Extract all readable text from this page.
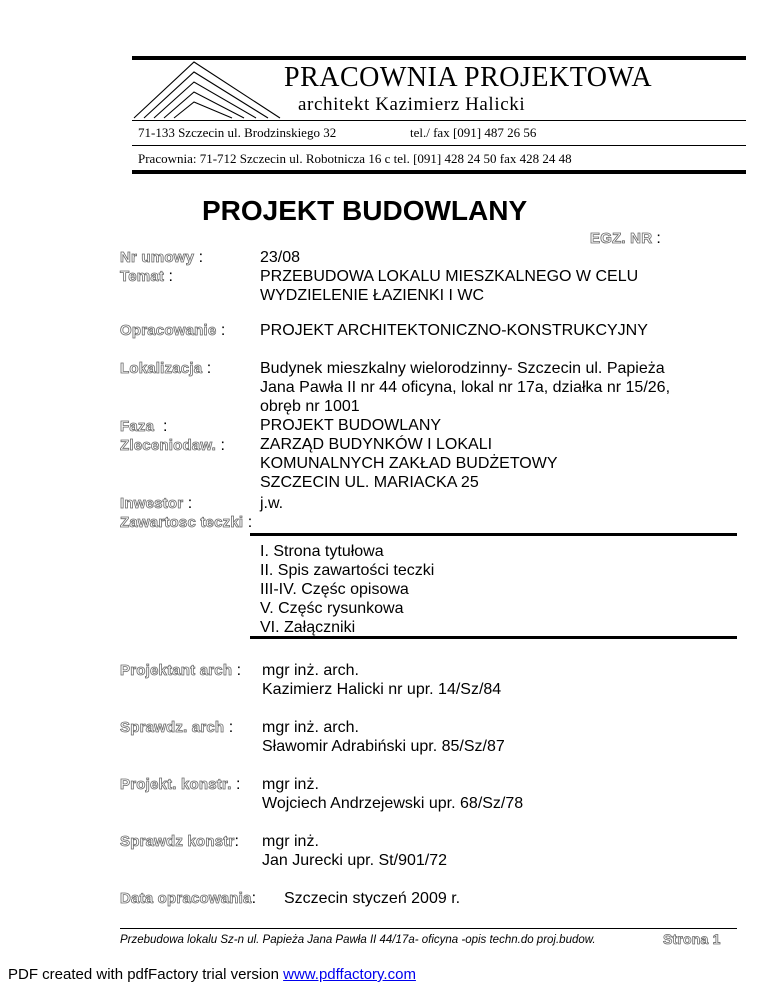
PRACOWNIA PROJEKTOWA
architekt Kazimierz Halicki
71-133 Szczecin ul. Brodzinskiego 32	tel./ fax [091] 487 26 56
Pracownia: 71-712 Szczecin ul. Robotnicza 16 c tel. [091] 428 24 50 fax 428 24 48
PROJEKT BUDOWLANY
EGZ. NR :
Nr umowy :	23/08
Temat :	PRZEBUDOWA LOKALU MIESZKALNEGO W CELU
WYDZIELENIE ŁAZIENKI I WC
Opracowanie : PROJEKT ARCHITEKTONICZNO-KONSTRUKCYJNY
Lokalizacja :	Budynek mieszkalny wielorodzinny- Szczecin ul. Papieża
Jana Pawła II nr 44 oficyna, lokal nr 17a, działka nr 15/26,
obręb nr 1001
Faza :	PROJEKT BUDOWLANY
Zleceniodaw. : ZARZĄD BUDYNKÓW I LOKALI
KOMUNALNYCH ZAKŁAD BUDŻETOWY
SZCZECIN UL. MARIACKA 25
Inwestor :	j.w.
Zawartosc teczki :
I. Strona tytułowa
II. Spis zawartości teczki
III-IV. Częśc opisowa
V. Częśc rysunkowa
VI. Załączniki
Projektant arch : mgr inż. arch.
Kazimierz Halicki nr upr. 14/Sz/84
Sprawdz. arch : mgr inż. arch.
Sławomir Adrabiński upr. 85/Sz/87
Projekt. konstr. : mgr inż.
Wojciech Andrzejewski upr. 68/Sz/78
Sprawdz konstr: mgr inż.
Jan Jurecki upr. St/901/72
Data opracowania: Szczecin styczeń 2009 r.
Przebudowa lokalu Sz-n ul. Papieża Jana Pawła II 44/17a- oficyna -opis techn.do proj.budow.	Strona 1
PDF created with pdfFactory trial version www.pdffactory.com
